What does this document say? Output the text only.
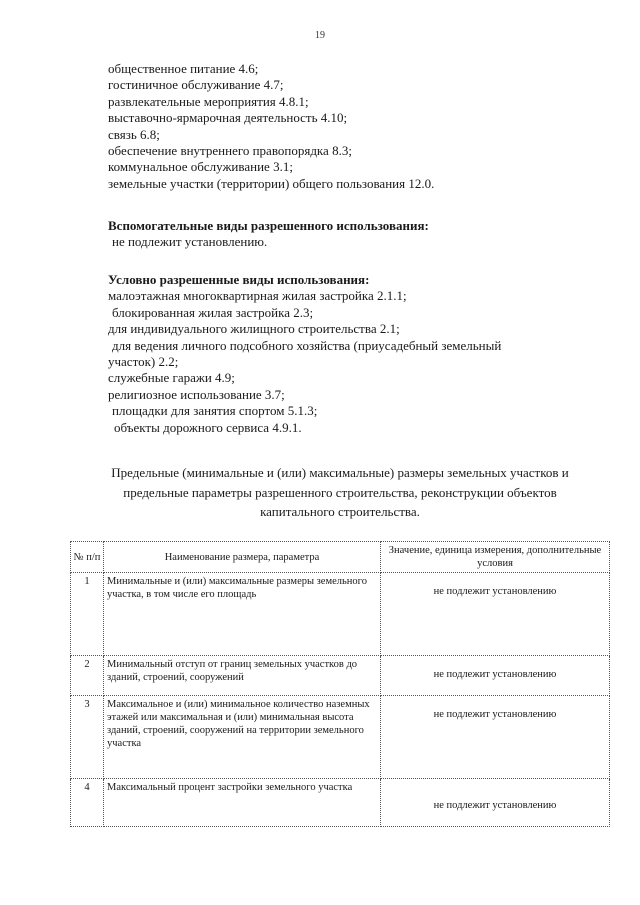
19
общественное питание 4.6;
гостиничное обслуживание 4.7;
развлекательные мероприятия 4.8.1;
выставочно-ярмарочная деятельность 4.10;
связь 6.8;
обеспечение внутреннего правопорядка 8.3;
коммунальное обслуживание 3.1;
земельные участки (территории) общего пользования 12.0.
Вспомогательные виды разрешенного использования:
не подлежит установлению.
Условно разрешенные виды использования:
малоэтажная многоквартирная жилая застройка 2.1.1;
блокированная жилая застройка 2.3;
для индивидуального жилищного строительства 2.1;
для ведения личного подсобного хозяйства (приусадебный земельный
участок) 2.2;
служебные гаражи 4.9;
религиозное использование 3.7;
площадки для занятия спортом 5.1.3;
объекты дорожного сервиса 4.9.1.
Предельные (минимальные и (или) максимальные) размеры земельных участков и
предельные параметры разрешенного строительства, реконструкции объектов
капитального строительства.
№ п/п	Наименование размера, параметра	Значение, единица измерения, дополнительные условия
1	Минимальные и (или) максимальные размеры земельного участка, в том числе его площадь	не подлежит установлению
2	Минимальный отступ от границ земельных участков до зданий, строений, сооружений	не подлежит установлению
3	Максимальное и (или) минимальное количество наземных этажей или максимальная и (или) минимальная высота зданий, строений, сооружений на территории земельного участка	не подлежит установлению
4	Максимальный процент застройки земельного участка	не подлежит установлению
